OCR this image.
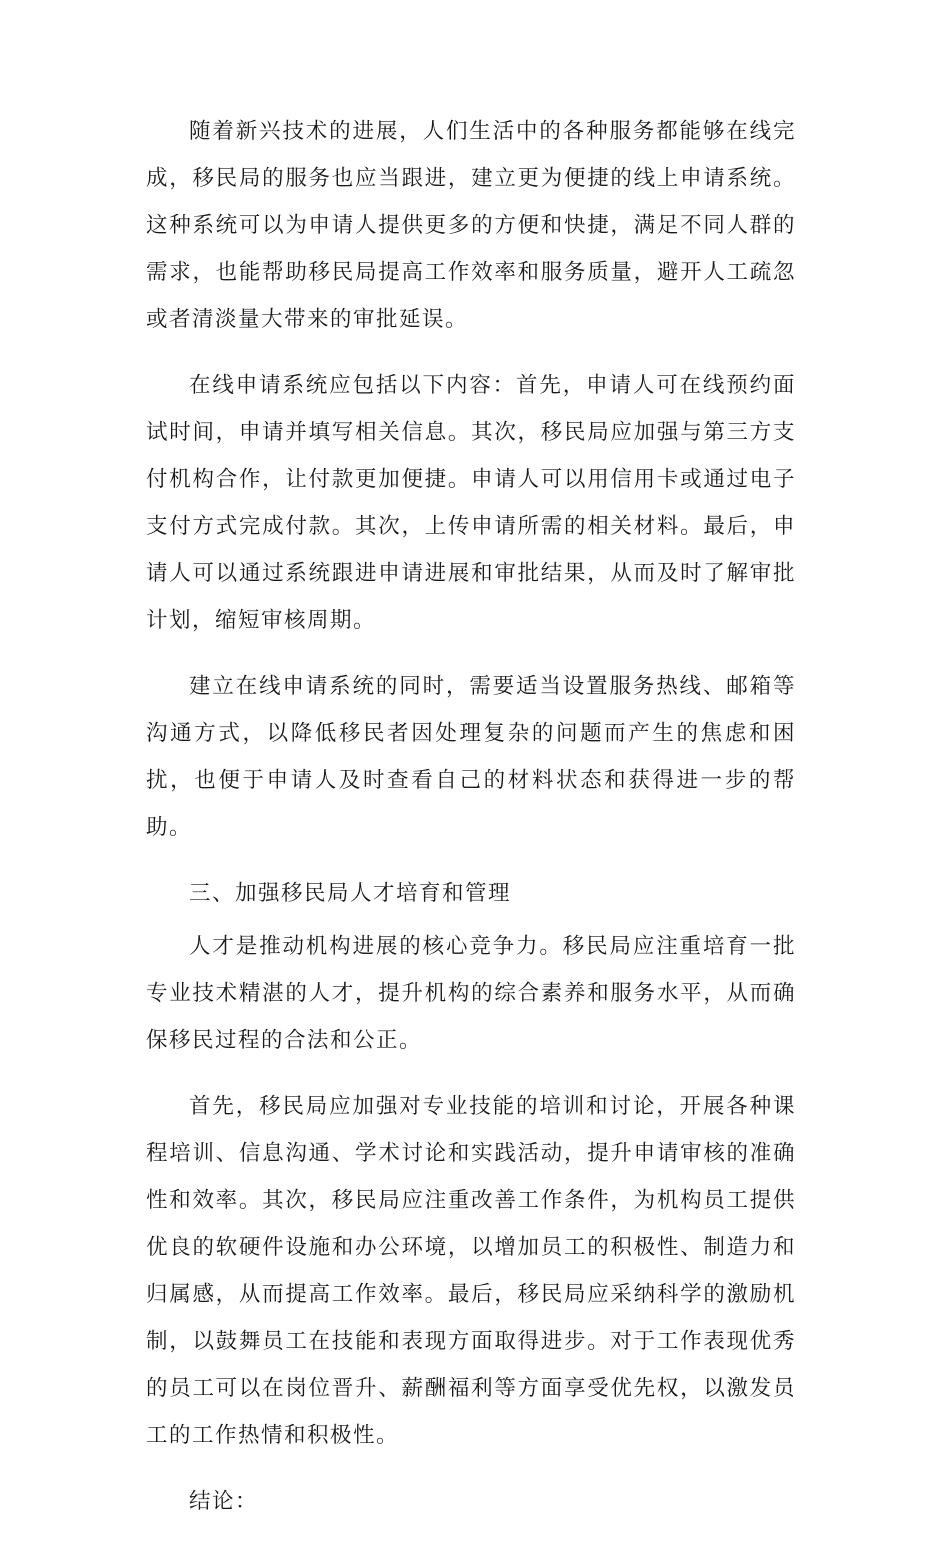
随着新兴技术的进展，人们生活中的各种服务都能够在线完成，移民局的服务也应当跟进，建立更为便捷的线上申请系统。这种系统可以为申请人提供更多的方便和快捷，满足不同人群的需求，也能帮助移民局提高工作效率和服务质量，避开人工疏忽或者清淡量大带来的审批延误。

在线申请系统应包括以下内容：首先，申请人可在线预约面试时间，申请并填写相关信息。其次，移民局应加强与第三方支付机构合作，让付款更加便捷。申请人可以用信用卡或通过电子支付方式完成付款。其次，上传申请所需的相关材料。最后，申请人可以通过系统跟进申请进展和审批结果，从而及时了解审批计划，缩短审核周期。

建立在线申请系统的同时，需要适当设置服务热线、邮箱等沟通方式，以降低移民者因处理复杂的问题而产生的焦虑和困扰，也便于申请人及时查看自己的材料状态和获得进一步的帮助。

三、加强移民局人才培育和管理

人才是推动机构进展的核心竞争力。移民局应注重培育一批专业技术精湛的人才，提升机构的综合素养和服务水平，从而确保移民过程的合法和公正。

首先，移民局应加强对专业技能的培训和讨论，开展各种课程培训、信息沟通、学术讨论和实践活动，提升申请审核的准确性和效率。其次，移民局应注重改善工作条件，为机构员工提供优良的软硬件设施和办公环境，以增加员工的积极性、制造力和归属感，从而提高工作效率。最后，移民局应采纳科学的激励机制，以鼓舞员工在技能和表现方面取得进步。对于工作表现优秀的员工可以在岗位晋升、薪酬福利等方面享受优先权，以激发员工的工作热情和积极性。

结论：
